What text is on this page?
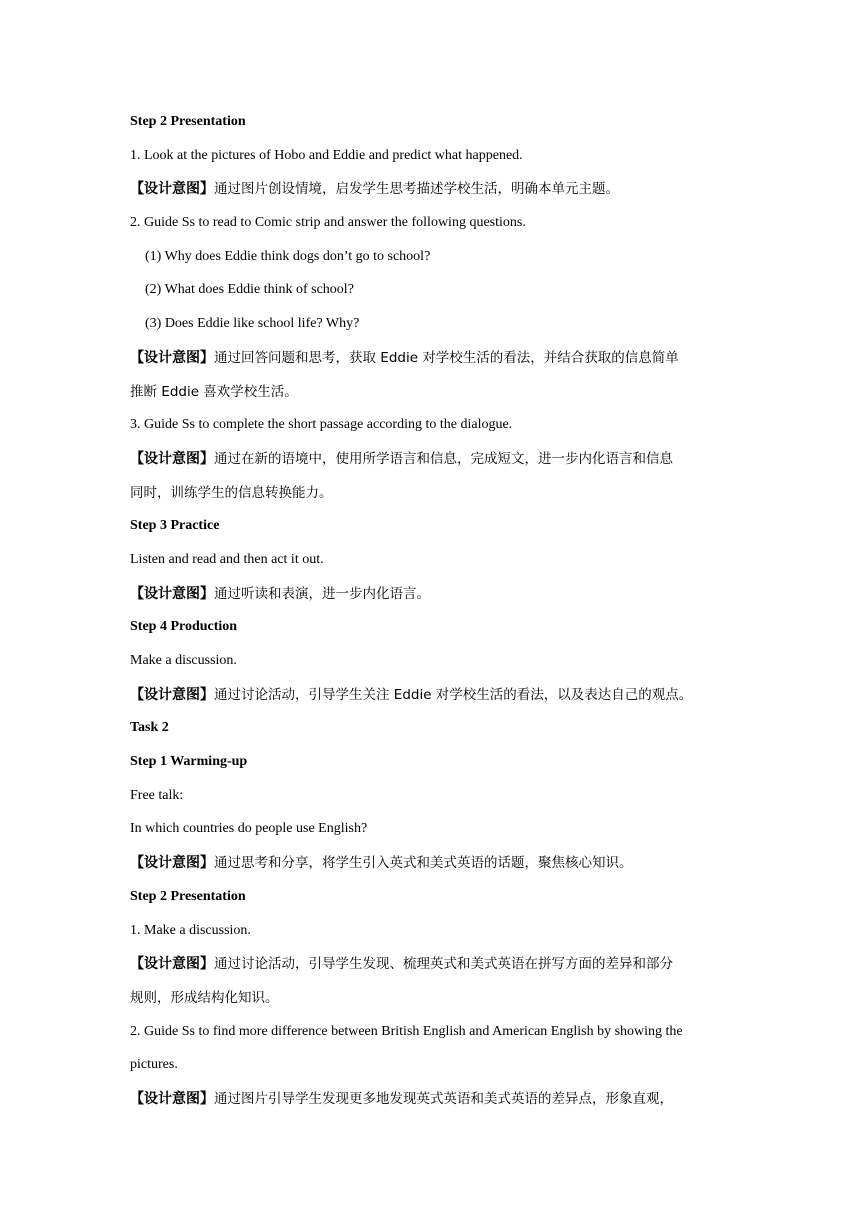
Step 2 Presentation
1. Look at the pictures of Hobo and Eddie and predict what happened.
【设计意图】通过图片创设情境，启发学生思考描述学校生活，明确本单元主题。
2. Guide Ss to read to Comic strip and answer the following questions.
(1) Why does Eddie think dogs don’t go to school?
(2) What does Eddie think of school?
(3) Does Eddie like school life? Why?
【设计意图】通过回答问题和思考，获取 Eddie 对学校生活的看法，并结合获取的信息简单
推断 Eddie 喜欢学校生活。
3. Guide Ss to complete the short passage according to the dialogue.
【设计意图】通过在新的语境中，使用所学语言和信息，完成短文，进一步内化语言和信息
同时，训练学生的信息转换能力。
Step 3 Practice
Listen and read and then act it out.
【设计意图】通过听读和表演，进一步内化语言。
Step 4 Production
Make a discussion.
【设计意图】通过讨论活动，引导学生关注 Eddie 对学校生活的看法，以及表达自己的观点。
Task 2
Step 1 Warming-up
Free talk:
In which countries do people use English?
【设计意图】通过思考和分享，将学生引入英式和美式英语的话题，聚焦核心知识。
Step 2 Presentation
1. Make a discussion.
【设计意图】通过讨论活动，引导学生发现、梳理英式和美式英语在拼写方面的差异和部分
规则，形成结构化知识。
2. Guide Ss to find more difference between British English and American English by showing the
pictures.
【设计意图】通过图片引导学生发现更多地发现英式英语和美式英语的差异点，形象直观，
